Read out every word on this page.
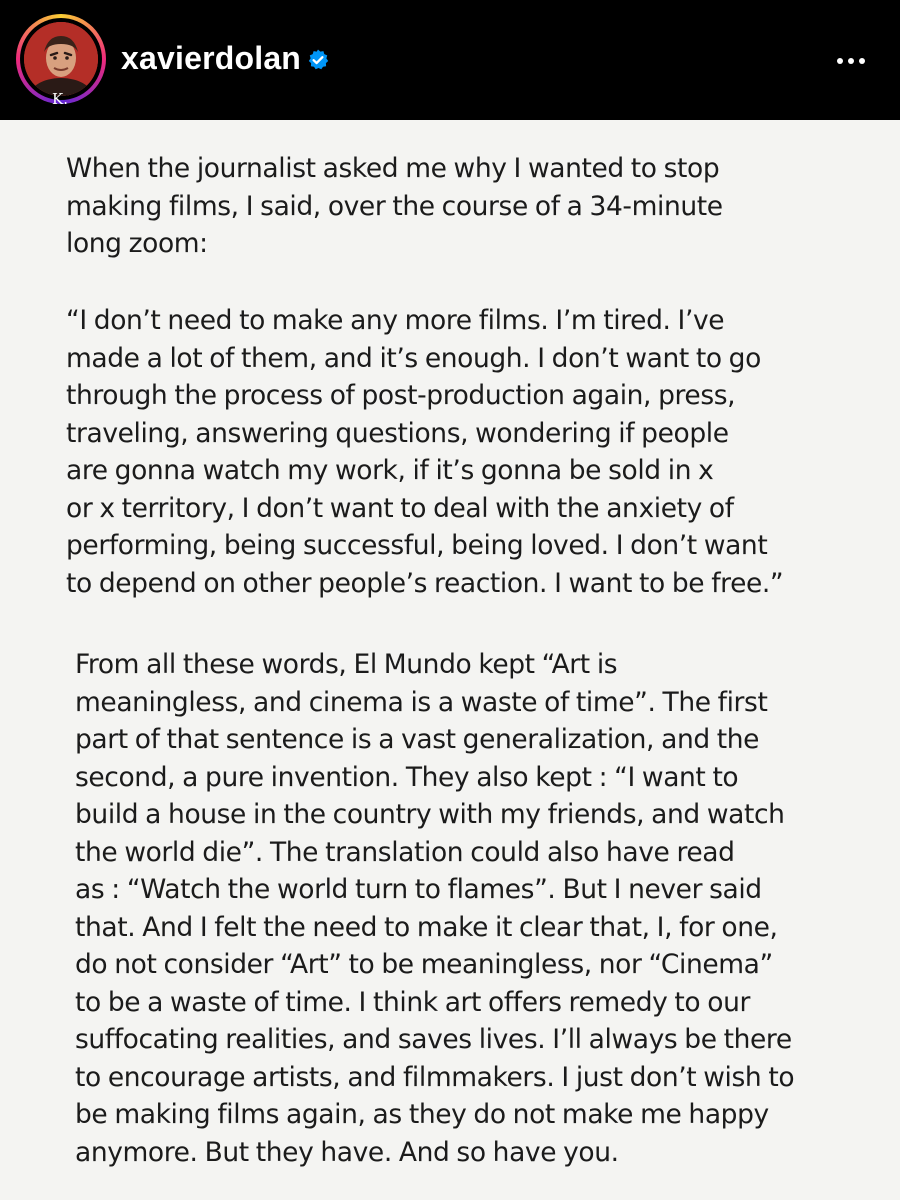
K.
xavierdolan

When the journalist asked me why I wanted to stop
making films, I said, over the course of a 34-minute
long zoom:

“I don’t need to make any more films. I’m tired. I’ve
made a lot of them, and it’s enough. I don’t want to go
through the process of post-production again, press,
traveling, answering questions, wondering if people
are gonna watch my work, if it’s gonna be sold in x
or x territory, I don’t want to deal with the anxiety of
performing, being successful, being loved. I don’t want
to depend on other people’s reaction. I want to be free.”

From all these words, El Mundo kept “Art is
meaningless, and cinema is a waste of time”. The first
part of that sentence is a vast generalization, and the
second, a pure invention. They also kept : “I want to
build a house in the country with my friends, and watch
the world die”. The translation could also have read
as : “Watch the world turn to flames”. But I never said
that. And I felt the need to make it clear that, I, for one,
do not consider “Art” to be meaningless, nor “Cinema”
to be a waste of time. I think art offers remedy to our
suffocating realities, and saves lives. I’ll always be there
to encourage artists, and filmmakers. I just don’t wish to
be making films again, as they do not make me happy
anymore. But they have. And so have you.
